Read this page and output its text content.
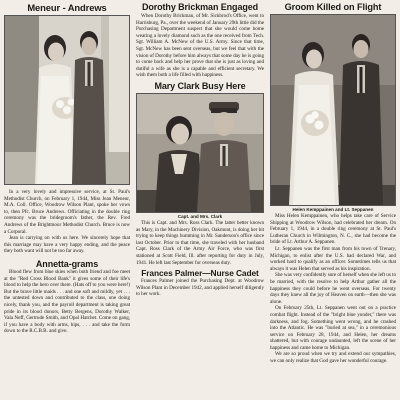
Meneur - Andrews

In a very lovely and impressive service, at St. Paul's Methodist Church, on February 1, 1944, Miss Jean Meneur, M.A. Coll. Office, Woodrow Wilson Plant, spoke her vows to, then Pfc. Bruce Andrews. Officiating in the double ring ceremony was the bridegroom's father, the Rev. Fred Andrews of the Brightmoor Methodist Church. Bruce is now a Corporal.

Jean is carrying on with us here. We sincerely hope that this marriage may have a very happy ending, and the peace they both want will not be too far away.

Annetta-grams

Blood flew from blue skies when both friend and foe meet at the "Red Cross Blood Bank" it gives some of their life's blood to help the hero over there. (Hats off to you were here!) But the brave little maids . . . and one soft and mildly, yet . . . the untested down and contributed to the class, one doing nicely, thank you, and the payroll department is taking great pride in its blood donors, Betty Bergens, Dorothy Walker, Vala Neff, Gertrude Smith, and Opal Hatchet. Come on gang, if you have a body with arms, hips, . . . and take the form down to the R.C.B.B. and give.

Dorothy Brickman Engaged

When Dorothy Brickman, of Mr. Sickbrod's Office, went to Harrisburg, Pa., over the weekend of January 29th little did the Purchasing Department suspect that she would come home wearing a lovely diamond such as the one received from Tech. Sgt. William A. McNew of the U.S. Army. Since that time, Sgt. McNew has been sent overseas, but we feel that with the vision of Dorothy before him always that some day he is going to come back and help her prove that she is just as loving and dutiful a wife as she is a capable and efficient secretary. We wish them both a life filled with happiness.

Mary Clark Busy Here

Capt. and Mrs. Clark

This is Capt. and Mrs. Ross Clark. The latter better known as Mary, in the Machinery Division, Oakmont, is doing her bit trying to keep things humming in Mr. Sanderson's office since last October. Prior to that time, she traveled with her husband Capt. Ross Clark of the Army Air Force, who was first stationed at Scott Field, Ill. after reporting for duty in July, 1941. He left last September for overseas duty.

Frances Palmer—Nurse Cadet

Frances Palmer joined the Purchasing Dept. at Woodrow Wilson Plant in December 1942, and applied herself diligently to her work.

Groom Killed on Flight

Helen Kemppainen and Lt. Seppanen

Miss Helen Kemppainen, who helps take care of Service Shipping at Woodrow Wilson, had celebrated her dream. On February 1, 1944, in a double ring ceremony at St. Paul's Lutheran Church in Wilmington, N. C., she had become the bride of Lt. Arthur A. Seppanen.

Lt. Seppanen was the first man from his town of Trenary, Michigan, to enlist after the U.S. had declared War, and worked hard to qualify as an officer. Sometimes tells us that always it was Helen that served as his inspiration.

She was very confidently sure of herself when she left us to be married, with the resolve to help Arthur gather all the happiness they could before he went overseas. For twenty days they knew all the joy of Heaven on earth—then she was alone.

On February 25th, Lt. Seppanen went out on a practice combat flight. Instead of the "bright blue yonder," there was darkness, and fog. Something went wrong, and he crashed into the Atlantic. He was "buried at sea," in a ceremonious service on February 28, 1944, and Helen, her dreams shattered, but with courage undaunted, left the scene of her happiness and came home to Michigan.

We are so proud when we try and extend our sympathies, we can only realize that God gave her wonderful courage.
